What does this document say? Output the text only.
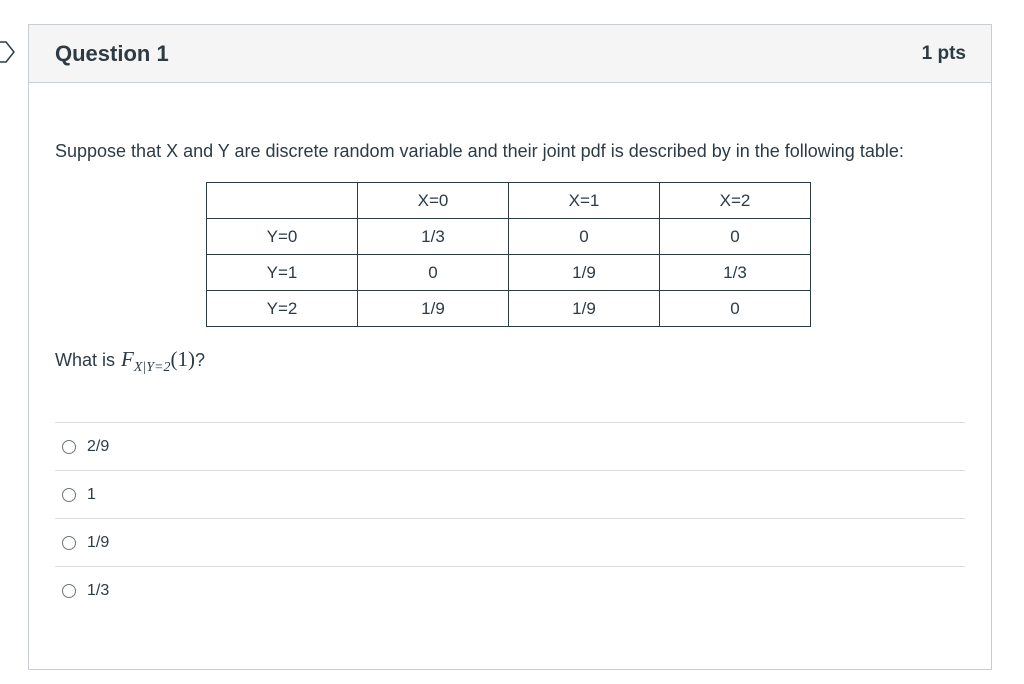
Question 1	1 pts

Suppose that X and Y are discrete random variable and their joint pdf is described by in the following table:

	X=0	X=1	X=2
Y=0	1/3	0	0
Y=1	0	1/9	1/3
Y=2	1/9	1/9	0
What is $F_{X|Y=2}(1)$ ?
2/9
1
1/9
1/3
